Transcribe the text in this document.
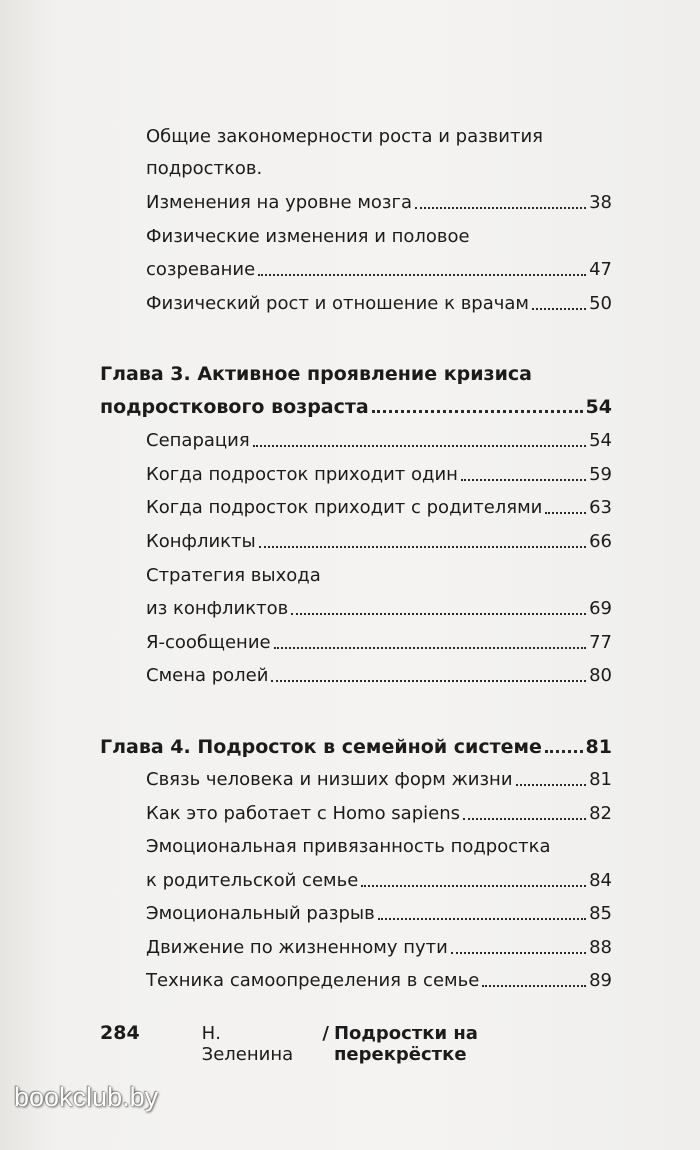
Общие закономерности роста и развития
подростков.
Изменения на уровне мозга	38
Физические изменения и половое
созревание	47
Физический рост и отношение к врачам	50
Глава 3. Активное проявление кризиса
подросткового возраста	54
Сепарация	54
Когда подросток приходит один	59
Когда подросток приходит с родителями	63
Конфликты	66
Стратегия выхода
из конфликтов	69
Я-сообщение	77
Смена ролей	80
Глава 4. Подросток в семейной системе 81
Связь человека и низших форм жизни	81
Как это работает с Homo sapiens	82
Эмоциональная привязанность подростка
к родительской семье	84
Эмоциональный разрыв	85
Движение по жизненному пути	88
Техника самоопределения в семье	89
284	Н. Зеленина
/ Подростки на перекрёстке
bookclub.by
